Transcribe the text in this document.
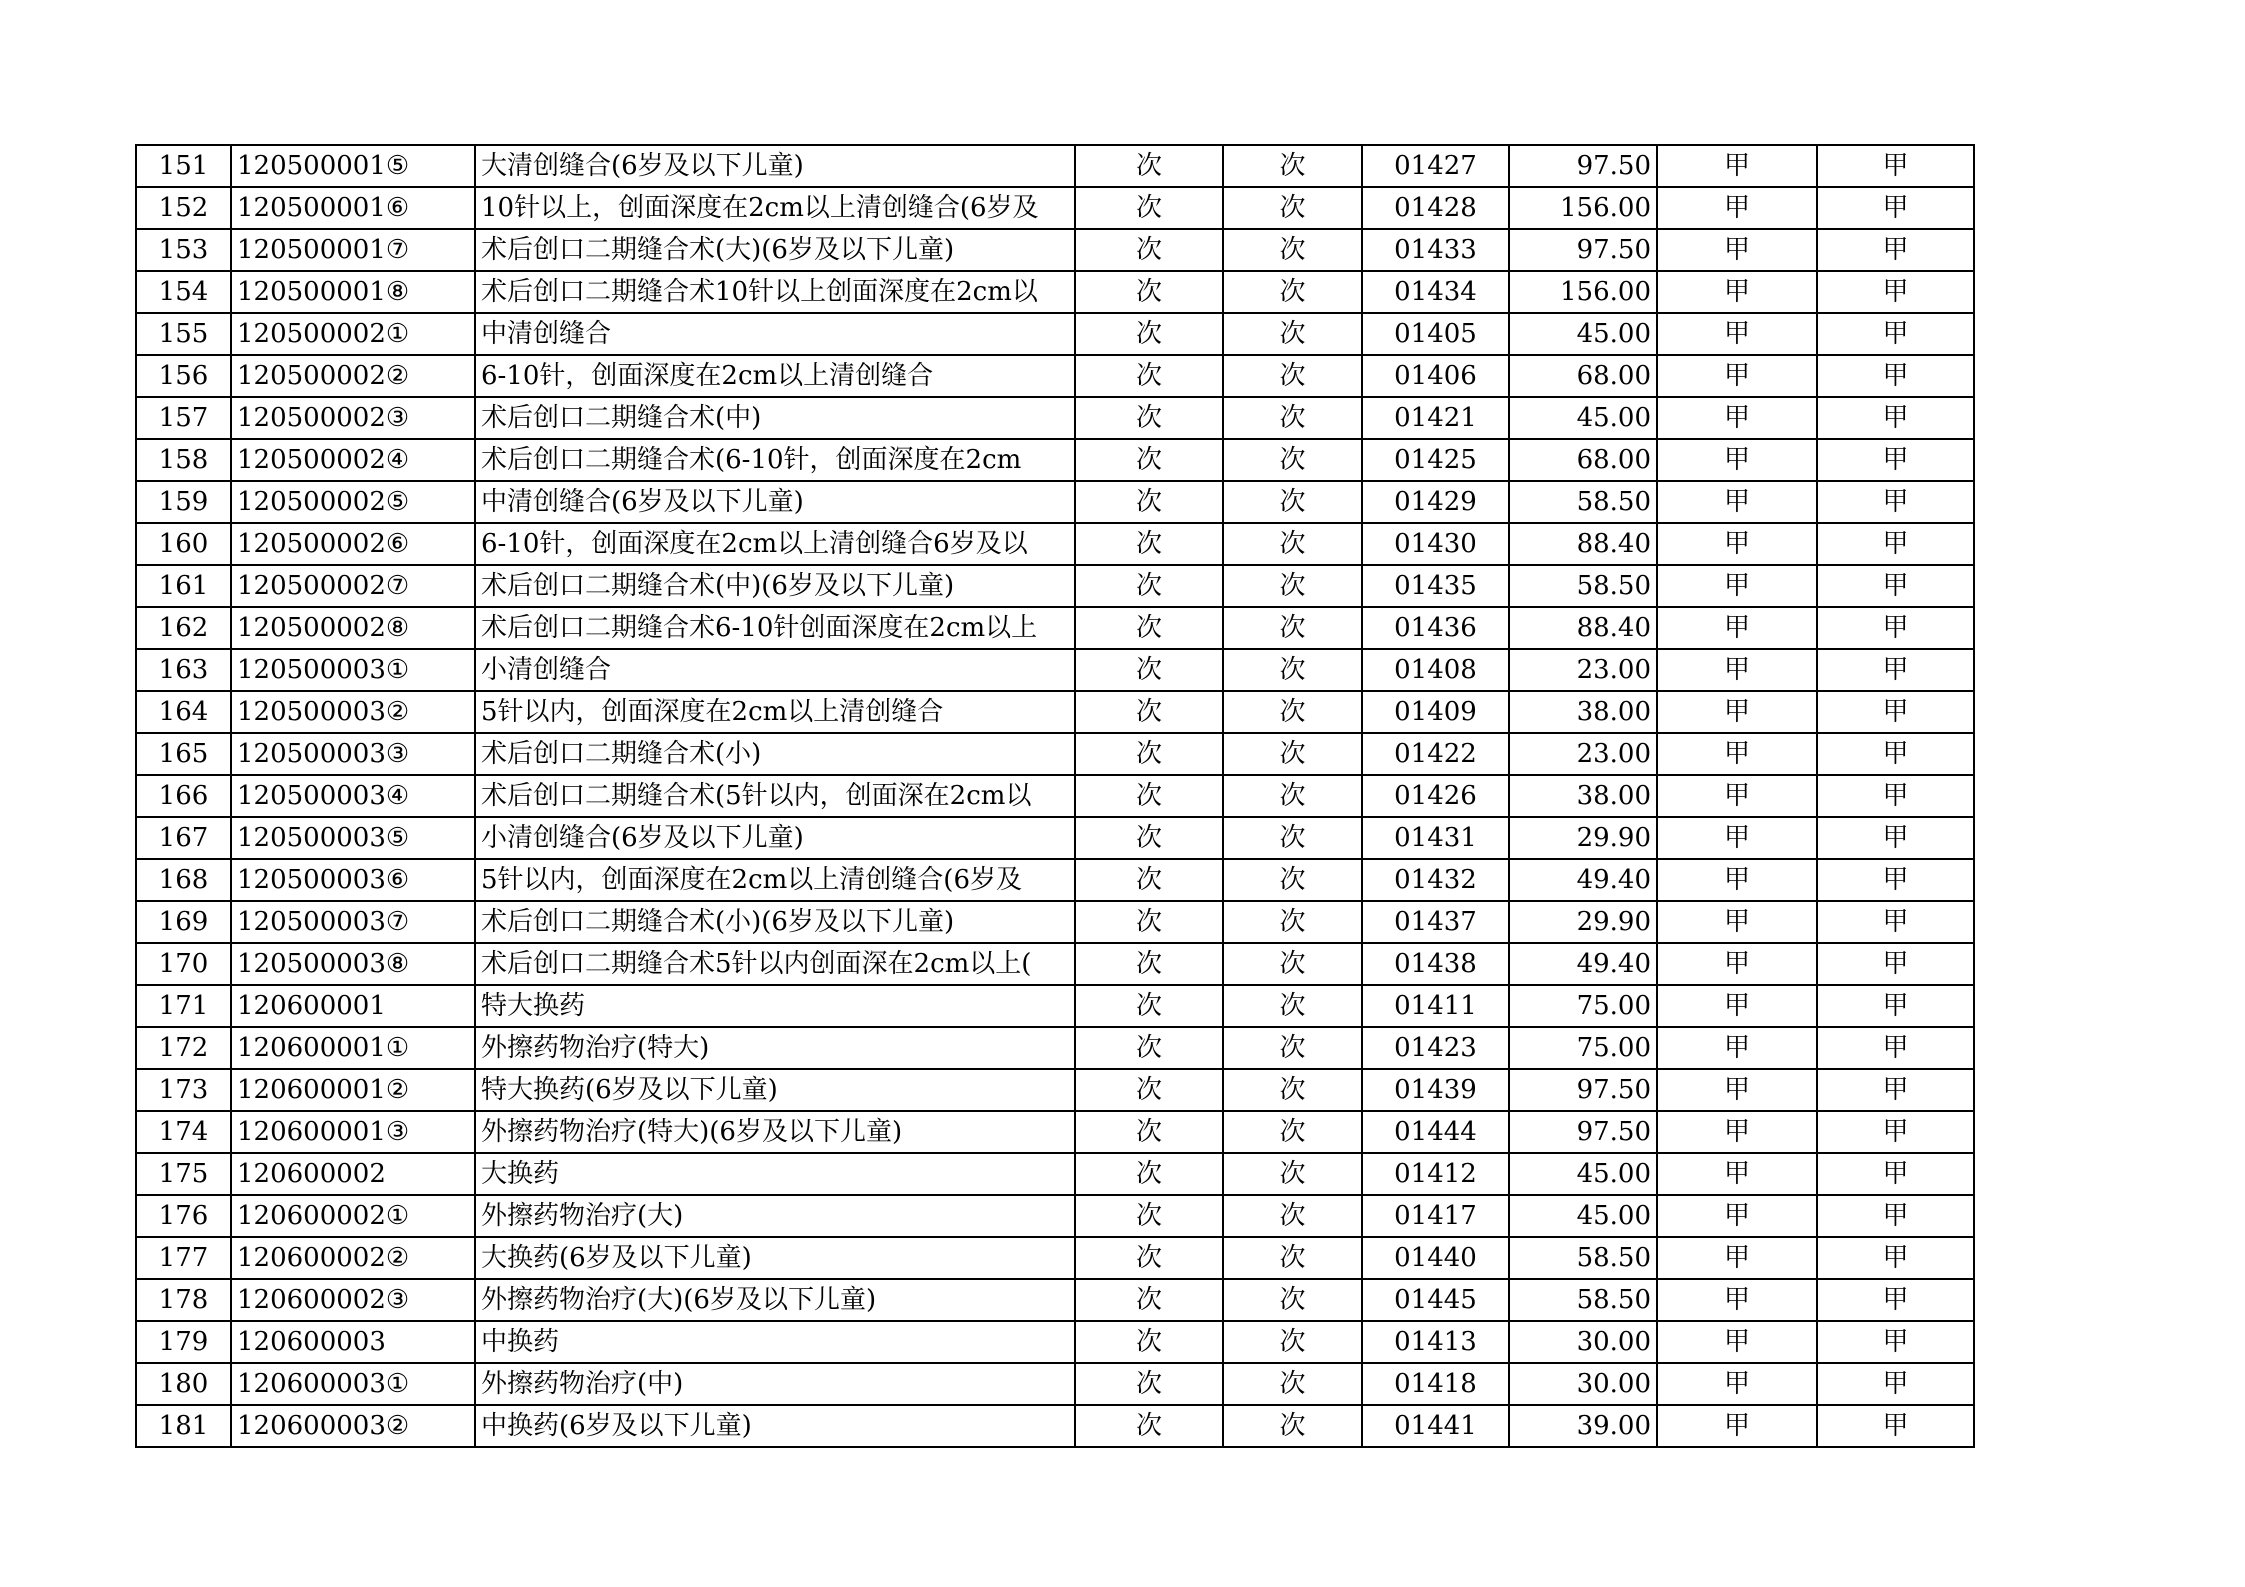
151	120500001⑤	大清创缝合(6岁及以下儿童)	次	次	01427	97.50	甲	甲
152	120500001⑥	10针以上，创面深度在2cm以上清创缝合(6岁及	次	次	01428	156.00	甲	甲
153	120500001⑦	术后创口二期缝合术(大)(6岁及以下儿童)	次	次	01433	97.50	甲	甲
154	120500001⑧	术后创口二期缝合术10针以上创面深度在2cm以	次	次	01434	156.00	甲	甲
155	120500002①	中清创缝合	次	次	01405	45.00	甲	甲
156	120500002②	6-10针，创面深度在2cm以上清创缝合	次	次	01406	68.00	甲	甲
157	120500002③	术后创口二期缝合术(中)	次	次	01421	45.00	甲	甲
158	120500002④	术后创口二期缝合术(6-10针，创面深度在2cm	次	次	01425	68.00	甲	甲
159	120500002⑤	中清创缝合(6岁及以下儿童)	次	次	01429	58.50	甲	甲
160	120500002⑥	6-10针，创面深度在2cm以上清创缝合6岁及以	次	次	01430	88.40	甲	甲
161	120500002⑦	术后创口二期缝合术(中)(6岁及以下儿童)	次	次	01435	58.50	甲	甲
162	120500002⑧	术后创口二期缝合术6-10针创面深度在2cm以上	次	次	01436	88.40	甲	甲
163	120500003①	小清创缝合	次	次	01408	23.00	甲	甲
164	120500003②	5针以内，创面深度在2cm以上清创缝合	次	次	01409	38.00	甲	甲
165	120500003③	术后创口二期缝合术(小)	次	次	01422	23.00	甲	甲
166	120500003④	术后创口二期缝合术(5针以内，创面深在2cm以	次	次	01426	38.00	甲	甲
167	120500003⑤	小清创缝合(6岁及以下儿童)	次	次	01431	29.90	甲	甲
168	120500003⑥	5针以内，创面深度在2cm以上清创缝合(6岁及	次	次	01432	49.40	甲	甲
169	120500003⑦	术后创口二期缝合术(小)(6岁及以下儿童)	次	次	01437	29.90	甲	甲
170	120500003⑧	术后创口二期缝合术5针以内创面深在2cm以上(	次	次	01438	49.40	甲	甲
171	120600001	特大换药	次	次	01411	75.00	甲	甲
172	120600001①	外擦药物治疗(特大)	次	次	01423	75.00	甲	甲
173	120600001②	特大换药(6岁及以下儿童)	次	次	01439	97.50	甲	甲
174	120600001③	外擦药物治疗(特大)(6岁及以下儿童)	次	次	01444	97.50	甲	甲
175	120600002	大换药	次	次	01412	45.00	甲	甲
176	120600002①	外擦药物治疗(大)	次	次	01417	45.00	甲	甲
177	120600002②	大换药(6岁及以下儿童)	次	次	01440	58.50	甲	甲
178	120600002③	外擦药物治疗(大)(6岁及以下儿童)	次	次	01445	58.50	甲	甲
179	120600003	中换药	次	次	01413	30.00	甲	甲
180	120600003①	外擦药物治疗(中)	次	次	01418	30.00	甲	甲
181	120600003②	中换药(6岁及以下儿童)	次	次	01441	39.00	甲	甲
